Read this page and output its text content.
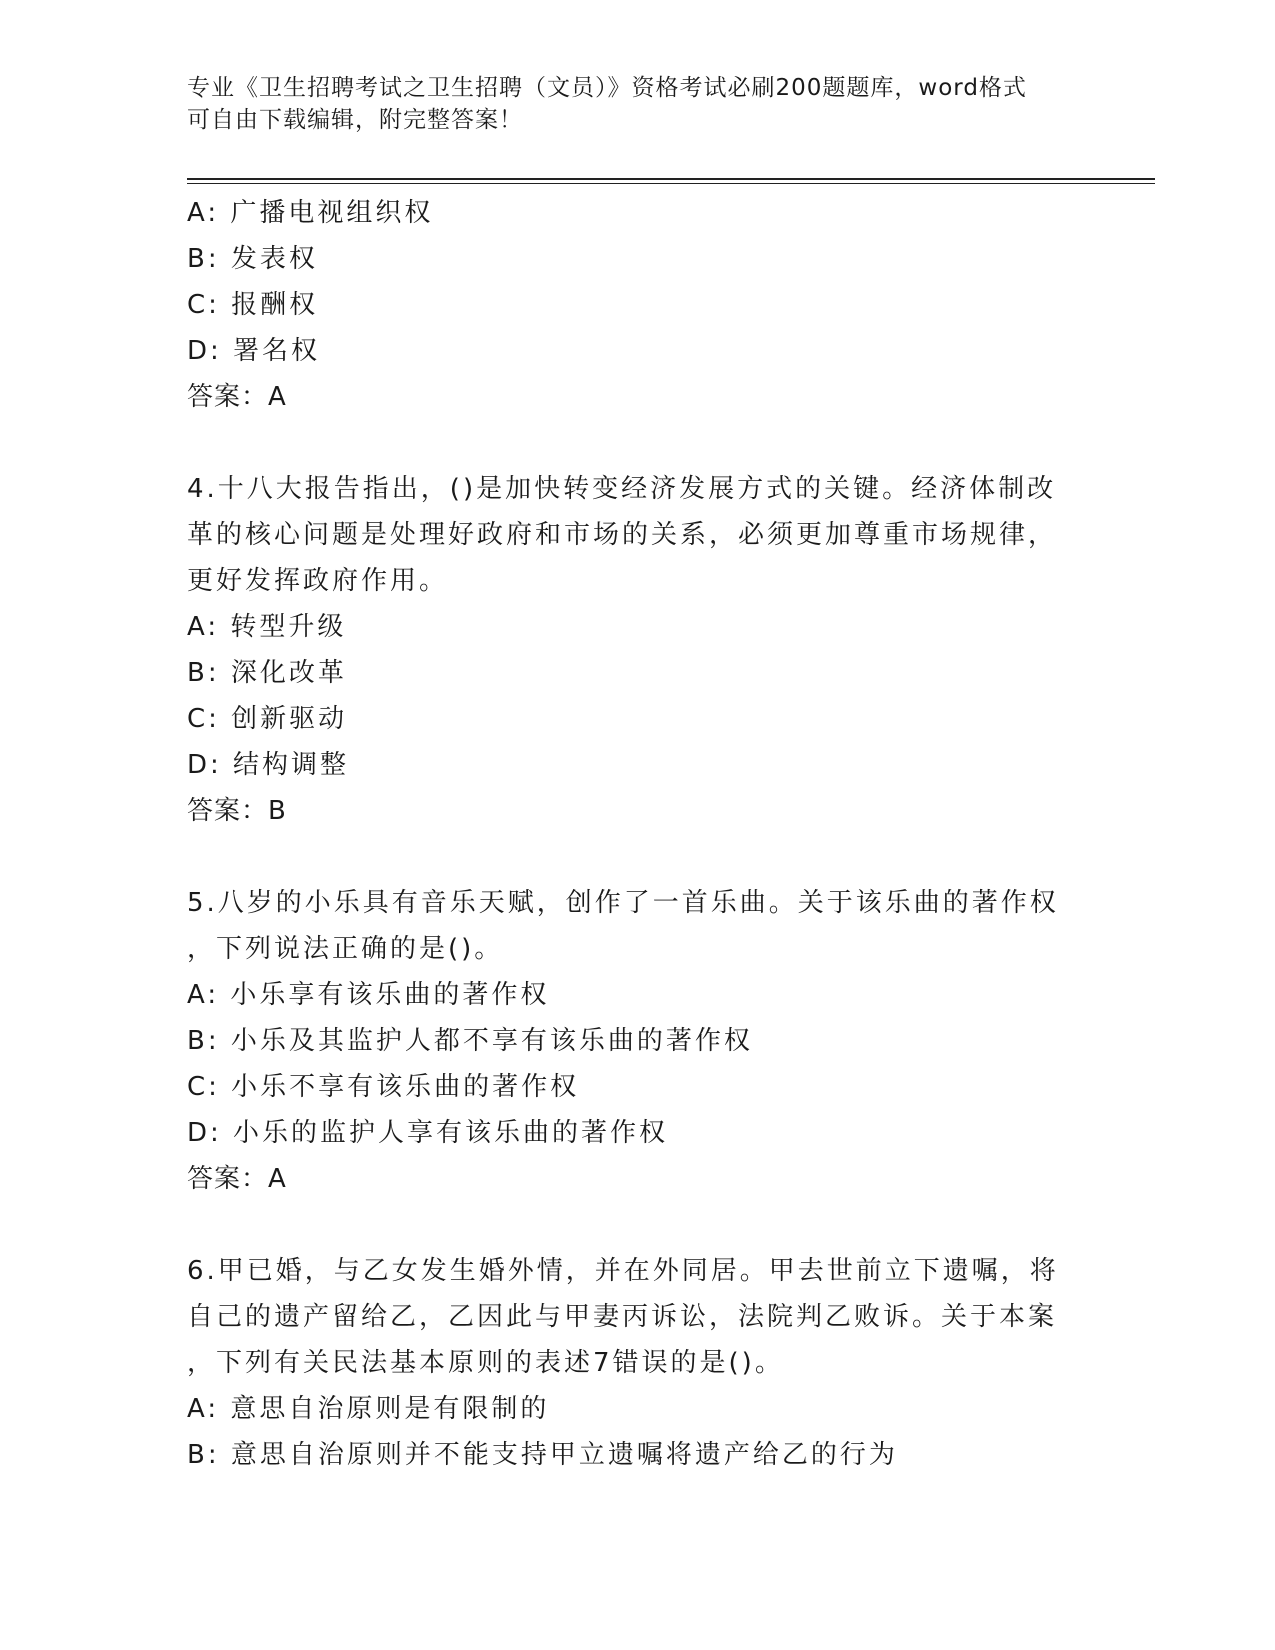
专业《卫生招聘考试之卫生招聘（文员）》资格考试必刷200题题库，word格式
可自由下载编辑，附完整答案！
A: 广播电视组织权
B: 发表权
C: 报酬权
D: 署名权
答案：A
4.十八大报告指出，()是加快转变经济发展方式的关键。经济体制改
革的核心问题是处理好政府和市场的关系，必须更加尊重市场规律，
更好发挥政府作用。
A: 转型升级
B: 深化改革
C: 创新驱动
D: 结构调整
答案：B
5.八岁的小乐具有音乐天赋，创作了一首乐曲。关于该乐曲的著作权
，下列说法正确的是()。
A: 小乐享有该乐曲的著作权
B: 小乐及其监护人都不享有该乐曲的著作权
C: 小乐不享有该乐曲的著作权
D: 小乐的监护人享有该乐曲的著作权
答案：A
6.甲已婚，与乙女发生婚外情，并在外同居。甲去世前立下遗嘱，将
自己的遗产留给乙，乙因此与甲妻丙诉讼，法院判乙败诉。关于本案
，下列有关民法基本原则的表述7错误的是()。
A: 意思自治原则是有限制的
B: 意思自治原则并不能支持甲立遗嘱将遗产给乙的行为
